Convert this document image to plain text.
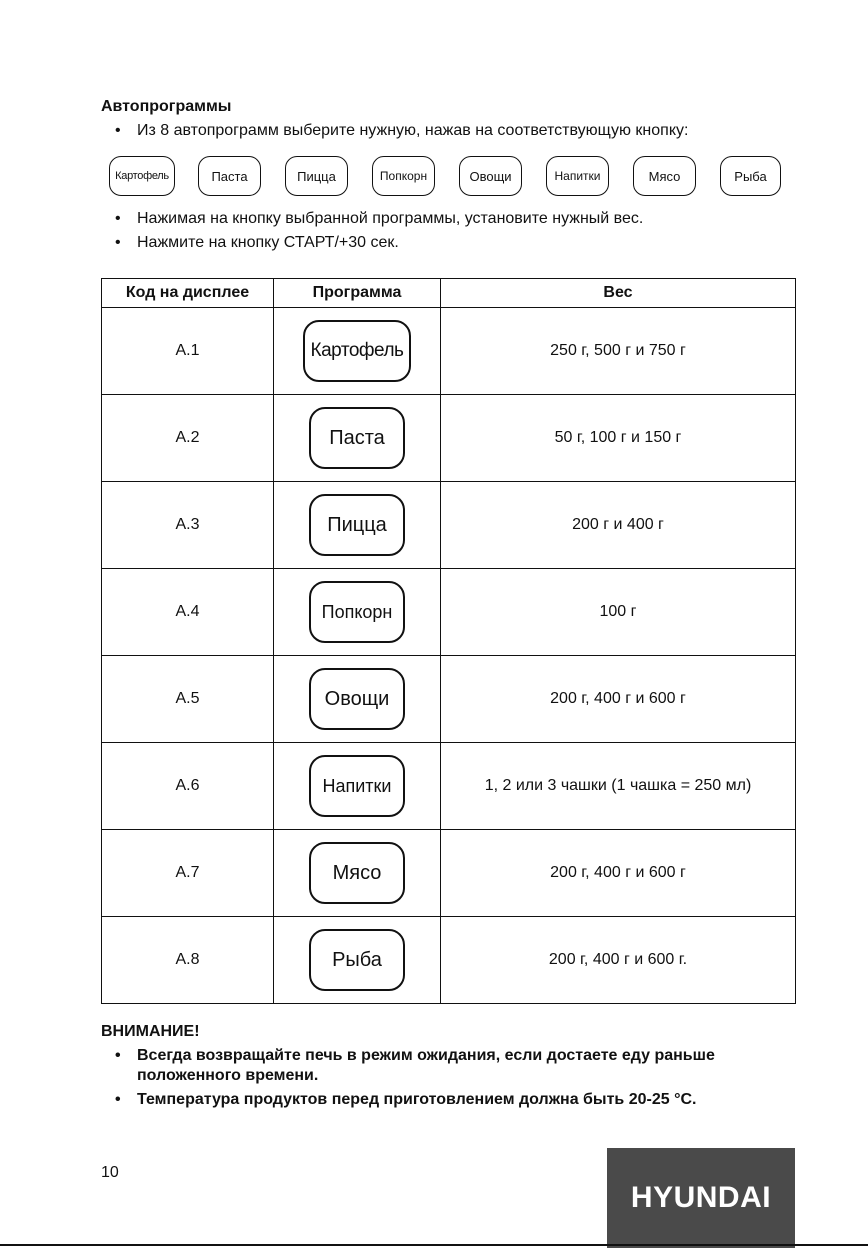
Автопрограммы
• Из 8 автопрограмм выберите нужную, нажав на соответствующую кнопку:
Картофель	Паста	Пицца	Попкорн	Овощи	Напитки	Мясо	Рыба
• Нажимая на кнопку выбранной программы, установите нужный вес.
• Нажмите на кнопку СТАРТ/+30 сек.
Код на дисплее	Программа	Вес
A.1	Картофель	250 г, 500 г и 750 г
A.2	Паста	50 г, 100 г и 150 г
A.3	Пицца	200 г и 400 г
A.4	Попкорн	100 г
A.5	Овощи	200 г, 400 г и 600 г
A.6	Напитки	1, 2 или 3 чашки (1 чашка = 250 мл)
A.7	Мясо	200 г, 400 г и 600 г
A.8	Рыба	200 г, 400 г и 600 г.
ВНИМАНИЕ!
• Всегда возвращайте печь в режим ожидания, если достаете еду раньше положенного времени.
• Температура продуктов перед приготовлением должна быть 20-25 °С.
10
HYUNDAI
